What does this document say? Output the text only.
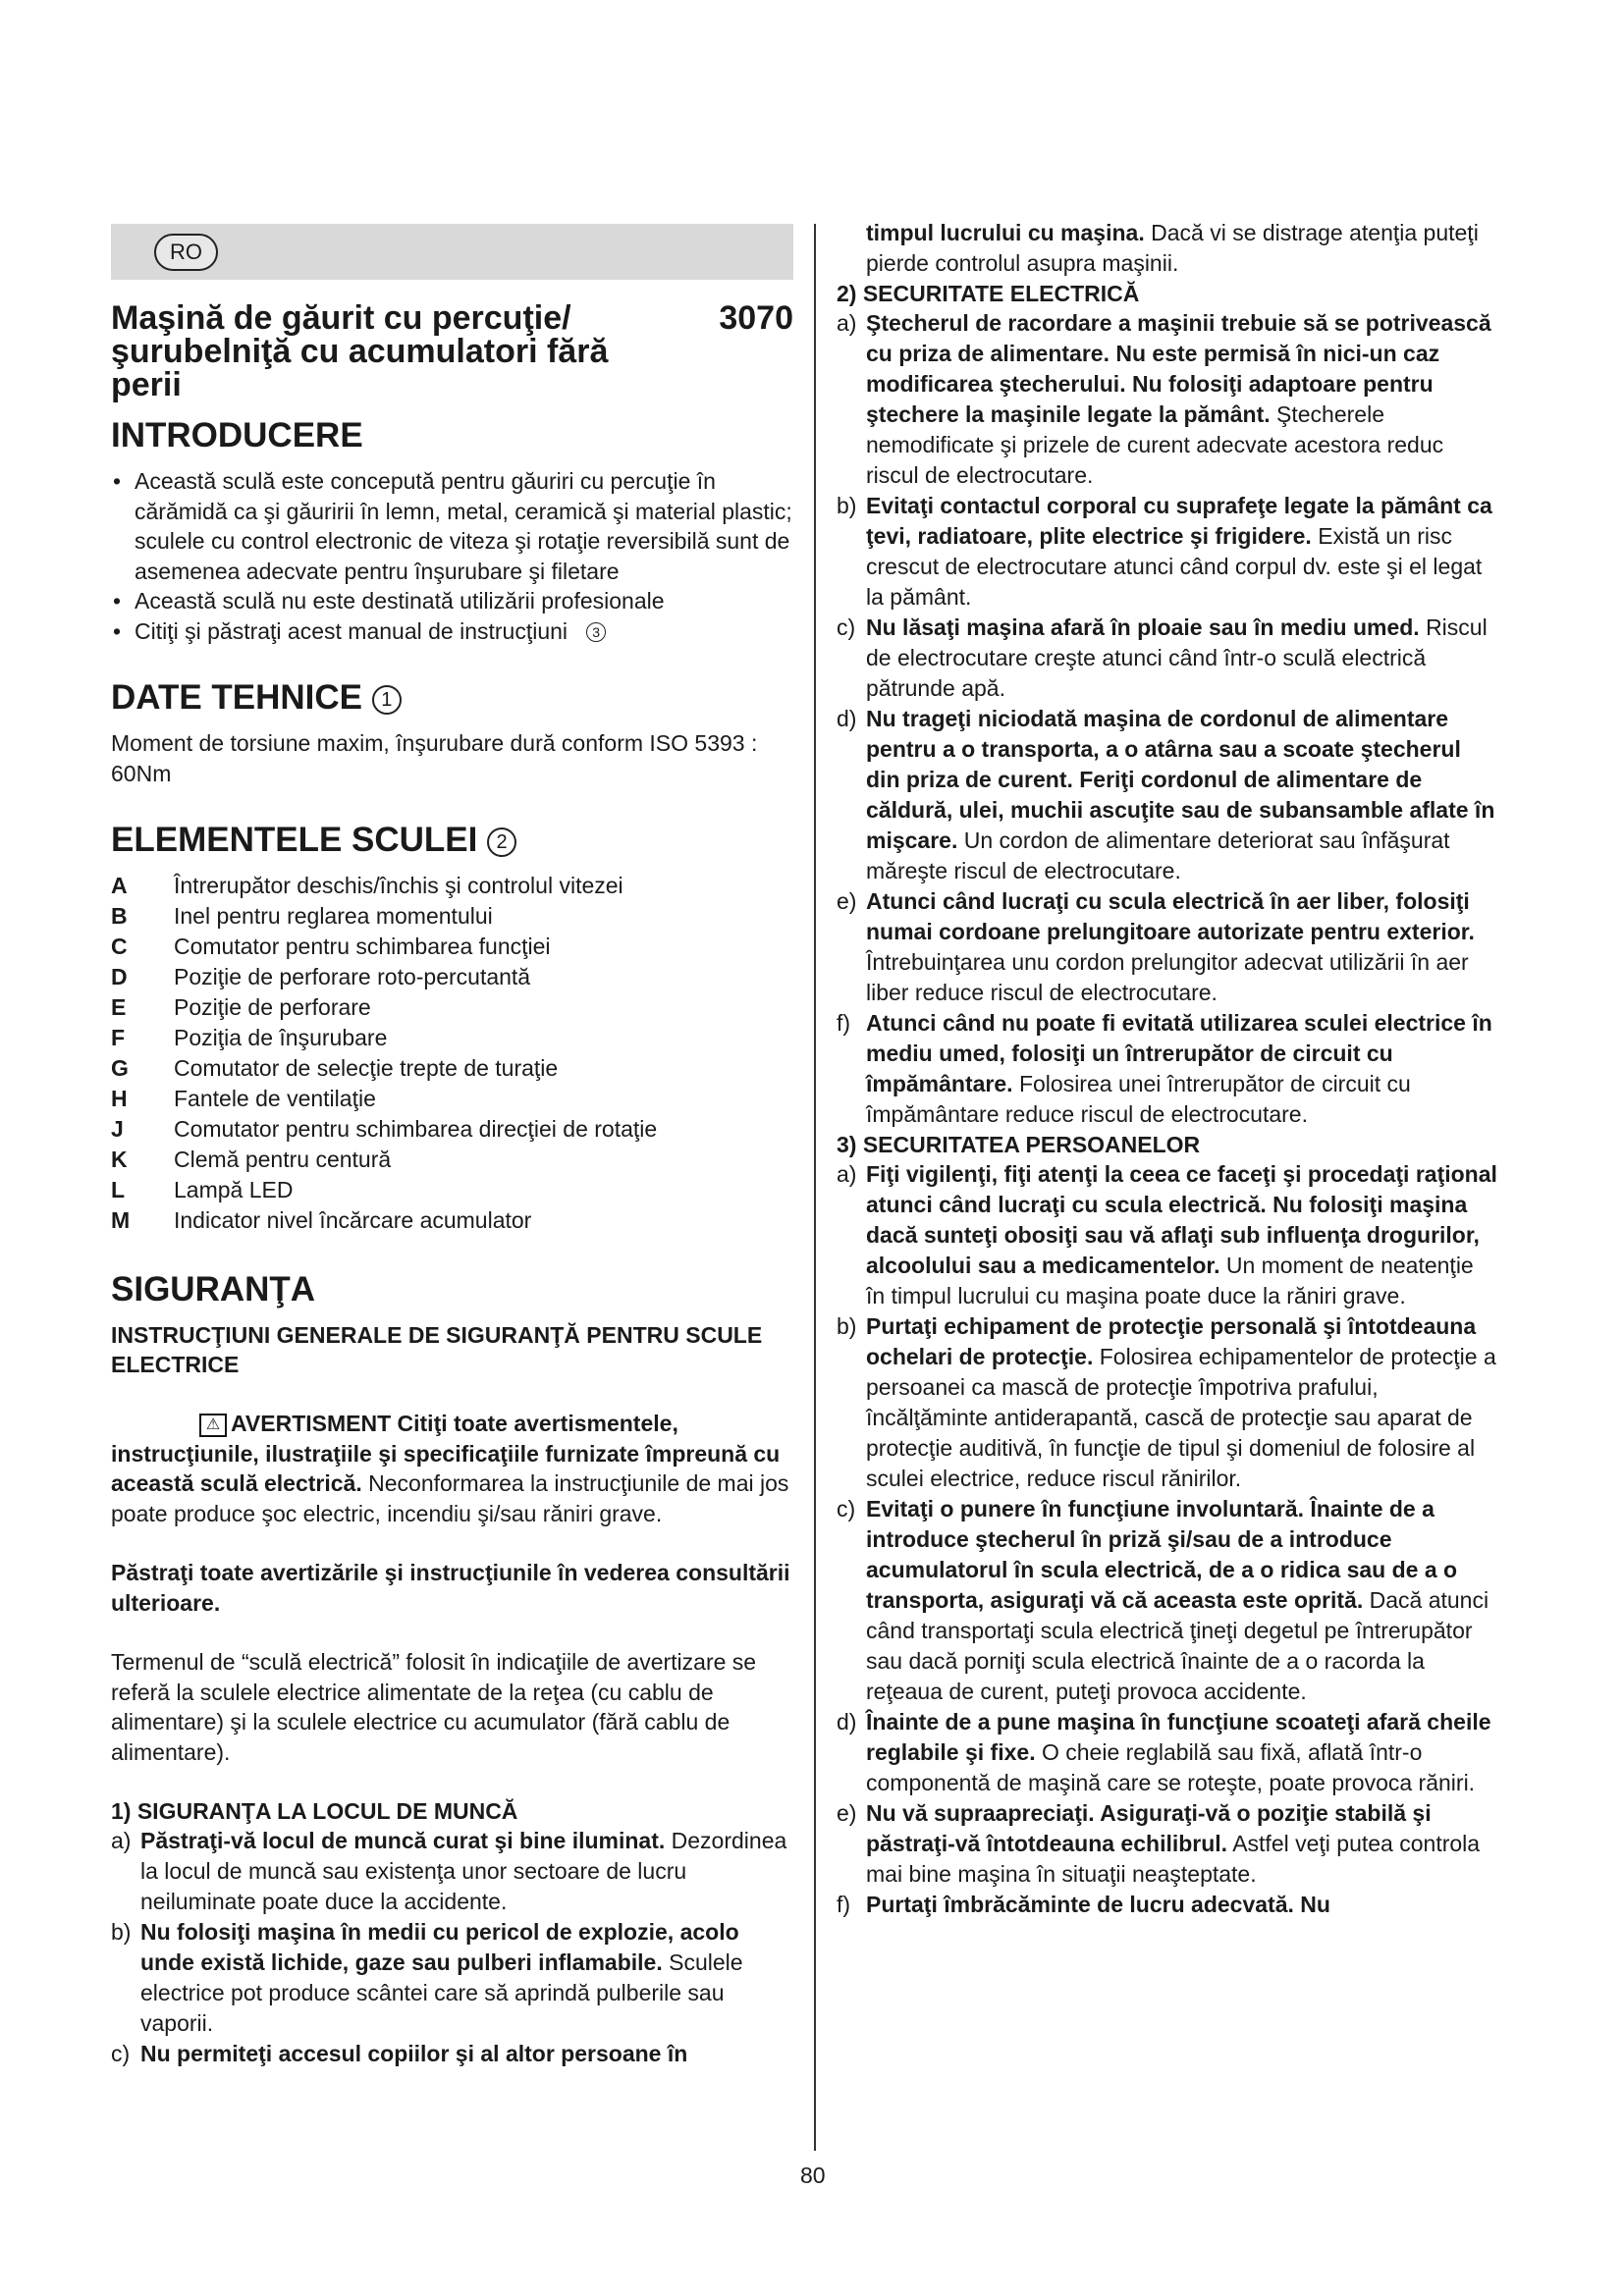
RO
Maşină de găurit cu percuţie/şurubelniţă cu acumulatori fără perii
3070
INTRODUCERE
• Această sculă este concepută pentru găuriri cu percuţie în cărămidă ca şi găuririi în lemn, metal, ceramică şi material plastic; sculele cu control electronic de viteza şi rotaţie reversibilă sunt de asemenea adecvate pentru înşurubare şi filetare
• Această sculă nu este destinată utilizării profesionale
• Citiţi şi păstraţi acest manual de instrucţiuni 3
DATE TEHNICE 1

Moment de torsiune maxim, înşurubare dură conform ISO 5393 : 60Nm

ELEMENTELE SCULEI 2
A	Întrerupător deschis/închis şi controlul vitezei
B	Inel pentru reglarea momentului
C	Comutator pentru schimbarea funcţiei
D	Poziţie de perforare roto-percutantă
E	Poziţie de perforare
F	Poziţia de înşurubare
G	Comutator de selecţie trepte de turaţie
H	Fantele de ventilaţie
J	Comutator pentru schimbarea direcţiei de rotaţie
K	Clemă pentru centură
L	Lampă LED
M	Indicator nivel încărcare acumulator
SIGURANŢA
INSTRUCŢIUNI GENERALE DE SIGURANŢĂ PENTRU SCULE ELECTRICE

⚠ AVERTISMENT Citiţi toate avertismentele, instrucţiunile, ilustraţiile şi specificaţiile furnizate împreună cu această sculă electrică. Neconformarea la instrucţiunile de mai jos poate produce şoc electric, incendiu şi/sau răniri grave.

Păstraţi toate avertizările şi instrucţiunile în vederea consultării ulterioare.

Termenul de “sculă electrică” folosit în indicaţiile de avertizare se referă la sculele electrice alimentate de la reţea (cu cablu de alimentare) şi la sculele electrice cu acumulator (fără cablu de alimentare).

1) SIGURANŢA LA LOCUL DE MUNCĂ
a) Păstraţi-vă locul de muncă curat şi bine iluminat. Dezordinea la locul de muncă sau existenţa unor sectoare de lucru neiluminate poate duce la accidente.
b) Nu folosiţi maşina în medii cu pericol de explozie, acolo unde există lichide, gaze sau pulberi inflamabile. Sculele electrice pot produce scântei care să aprindă pulberile sau vaporii.
c) Nu permiteţi accesul copiilor şi al altor persoane în
timpul lucrului cu maşina. Dacă vi se distrage atenţia puteţi pierde controlul asupra maşinii.
2) SECURITATE ELECTRICĂ
a) Ştecherul de racordare a maşinii trebuie să se potrivească cu priza de alimentare. Nu este permisă în nici-un caz modificarea ştecherului. Nu folosiţi adaptoare pentru ştechere la maşinile legate la pământ. Ştecherele nemodificate şi prizele de curent adecvate acestora reduc riscul de electrocutare.
b) Evitaţi contactul corporal cu suprafeţe legate la pământ ca ţevi, radiatoare, plite electrice şi frigidere. Există un risc crescut de electrocutare atunci când corpul dv. este şi el legat la pământ.
c) Nu lăsaţi maşina afară în ploaie sau în mediu umed. Riscul de electrocutare creşte atunci când într-o sculă electrică pătrunde apă.
d) Nu trageţi niciodată maşina de cordonul de alimentare pentru a o transporta, a o atârna sau a scoate ştecherul din priza de curent. Feriţi cordonul de alimentare de căldură, ulei, muchii ascuţite sau de subansamble aflate în mişcare. Un cordon de alimentare deteriorat sau înfăşurat măreşte riscul de electrocutare.
e) Atunci când lucraţi cu scula electrică în aer liber, folosiţi numai cordoane prelungitoare autorizate pentru exterior. Întrebuinţarea unu cordon prelungitor adecvat utilizării în aer liber reduce riscul de electrocutare.
f) Atunci când nu poate fi evitată utilizarea sculei electrice în mediu umed, folosiţi un întrerupător de circuit cu împământare. Folosirea unei întrerupător de circuit cu împământare reduce riscul de electrocutare.
3) SECURITATEA PERSOANELOR
a) Fiţi vigilenţi, fiţi atenţi la ceea ce faceţi şi procedaţi raţional atunci când lucraţi cu scula electrică. Nu folosiţi maşina dacă sunteţi obosiţi sau vă aflaţi sub influenţa drogurilor, alcoolului sau a medicamentelor. Un moment de neatenţie în timpul lucrului cu maşina poate duce la răniri grave.
b) Purtaţi echipament de protecţie personală şi întotdeauna ochelari de protecţie. Folosirea echipamentelor de protecţie a persoanei ca mască de protecţie împotriva prafului, încălţăminte antiderapantă, cască de protecţie sau aparat de protecţie auditivă, în funcţie de tipul şi domeniul de folosire al sculei electrice, reduce riscul rănirilor.
c) Evitaţi o punere în funcţiune involuntară. Înainte de a introduce ştecherul în priză şi/sau de a introduce acumulatorul în scula electrică, de a o ridica sau de a o transporta, asiguraţi vă că aceasta este oprită. Dacă atunci când transportaţi scula electrică ţineţi degetul pe întrerupător sau dacă porniţi scula electrică înainte de a o racorda la reţeaua de curent, puteţi provoca accidente.
d) Înainte de a pune maşina în funcţiune scoateţi afară cheile reglabile şi fixe. O cheie reglabilă sau fixă, aflată într-o componentă de maşină care se roteşte, poate provoca răniri.
e) Nu vă supraapreciaţi. Asiguraţi-vă o poziţie stabilă şi păstraţi-vă întotdeauna echilibrul. Astfel veţi putea controla mai bine maşina în situaţii neaşteptate.
f) Purtaţi îmbrăcăminte de lucru adecvată. Nu
80
